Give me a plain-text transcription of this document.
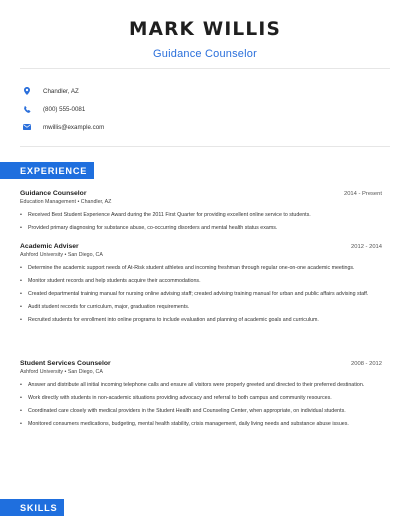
MARK WILLIS
Guidance Counselor
Chandler, AZ
(800) 555-0081
mwillis@example.com
EXPERIENCE
Guidance Counselor	2014 - Present
Education Management • Chandler, AZ
• Received Best Student Experience Award during the 2011 First Quarter for providing excellent online service to students.
• Provided primary diagnosing for substance abuse, co-occurring disorders and mental health status exams.
Academic Adviser	2012 - 2014
Ashford University • San Diego, CA
• Determine the academic support needs of At-Risk student athletes and incoming freshman through regular one-on-one academic meetings.
• Monitor student records and help students acquire their accommodations.
• Created departmental training manual for nursing online advising staff; created advising training manual for urban and public affairs advising staff.
• Audit student records for curriculum, major, graduation requirements.
• Recruited students for enrollment into online programs to include evaluation and planning of academic goals and curriculum.
Student Services Counselor	2008 - 2012
Ashford University • San Diego, CA
• Answer and distribute all initial incoming telephone calls and ensure all visitors were properly greeted and directed to their preferred destination.
• Work directly with students in non-academic situations providing advocacy and referral to both campus and community resources.
• Coordinated care closely with medical providers in the Student Health and Counseling Center, when appropriate, on individual students.
• Monitored consumers medications, budgeting, mental health stability, crisis management, daily living needs and substance abuse issues.
SKILLS
